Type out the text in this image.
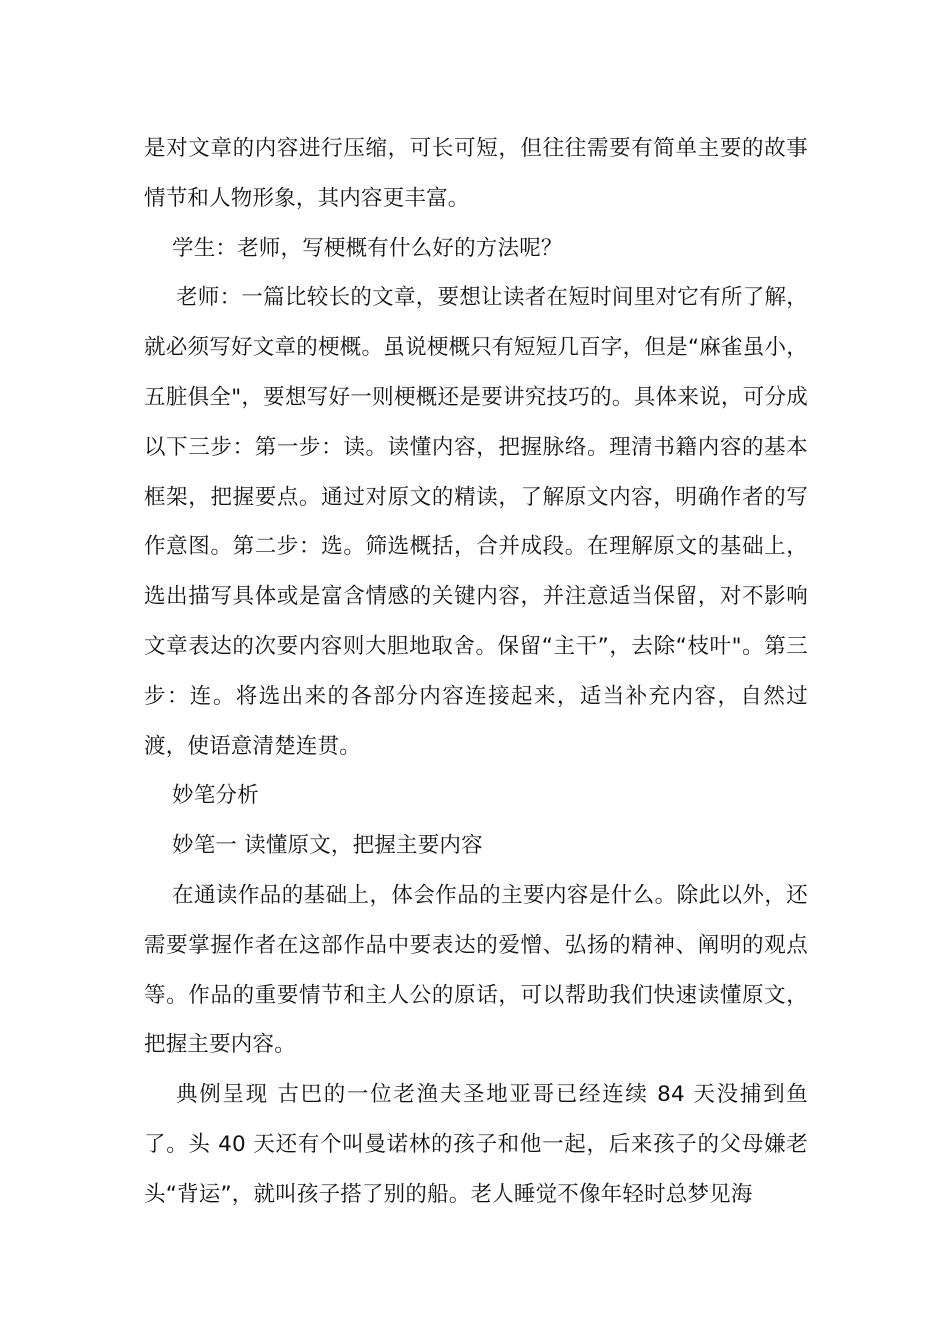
是对文章的内容进行压缩，可长可短，但往往需要有简单主要的故事情节和人物形象，其内容更丰富。

学生：老师，写梗概有什么好的方法呢？

老师：一篇比较长的文章，要想让读者在短时间里对它有所了解，就必须写好文章的梗概。虽说梗概只有短短几百字，但是“麻雀虽小，五脏俱全"，要想写好一则梗概还是要讲究技巧的。具体来说，可分成以下三步：第一步：读。读懂内容，把握脉络。理清书籍内容的基本框架，把握要点。通过对原文的精读，了解原文内容，明确作者的写作意图。第二步：选。筛选概括，合并成段。在理解原文的基础上，选出描写具体或是富含情感的关键内容，并注意适当保留，对不影响文章表达的次要内容则大胆地取舍。保留“主干”，去除“枝叶"。第三步：连。将选出来的各部分内容连接起来，适当补充内容，自然过渡，使语意清楚连贯。

妙笔分析

妙笔一 读懂原文，把握主要内容

在通读作品的基础上，体会作品的主要内容是什么。除此以外，还需要掌握作者在这部作品中要表达的爱憎、弘扬的精神、阐明的观点等。作品的重要情节和主人公的原话，可以帮助我们快速读懂原文，把握主要内容。

典例呈现 古巴的一位老渔夫圣地亚哥已经连续 84 天没捕到鱼了。头 40 天还有个叫曼诺林的孩子和他一起，后来孩子的父母嫌老头“背运”，就叫孩子搭了别的船。老人睡觉不像年轻时总梦见海
